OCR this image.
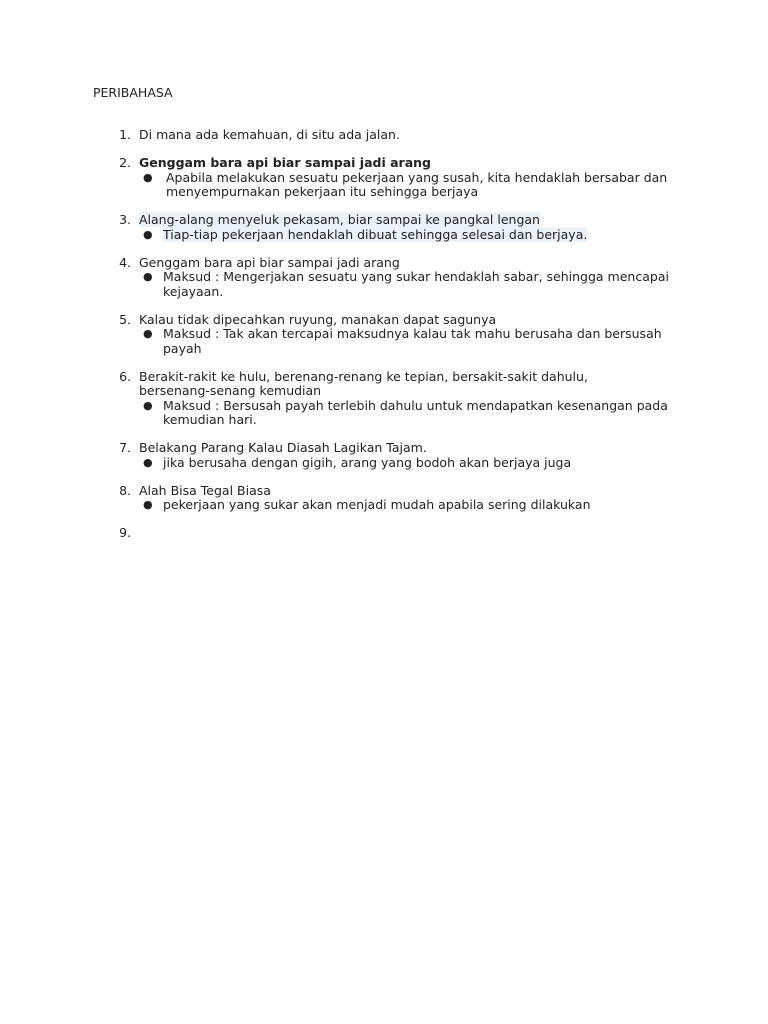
PERIBAHASA
1. Di mana ada kemahuan, di situ ada jalan.
2. Genggam bara api biar sampai jadi arang
● Apabila melakukan sesuatu pekerjaan yang susah, kita hendaklah bersabar dan menyempurnakan pekerjaan itu sehingga berjaya
3. Alang-alang menyeluk pekasam, biar sampai ke pangkal lengan
● Tiap-tiap pekerjaan hendaklah dibuat sehingga selesai dan berjaya.
4. Genggam bara api biar sampai jadi arang
● Maksud : Mengerjakan sesuatu yang sukar hendaklah sabar, sehingga mencapai kejayaan.
5. Kalau tidak dipecahkan ruyung, manakan dapat sagunya
● Maksud : Tak akan tercapai maksudnya kalau tak mahu berusaha dan bersusah payah
6. Berakit-rakit ke hulu, berenang-renang ke tepian, bersakit-sakit dahulu, bersenang-senang kemudian
● Maksud : Bersusah payah terlebih dahulu untuk mendapatkan kesenangan pada kemudian hari.
7. Belakang Parang Kalau Diasah Lagikan Tajam.
● jika berusaha dengan gigih, arang yang bodoh akan berjaya juga
8. Alah Bisa Tegal Biasa
● pekerjaan yang sukar akan menjadi mudah apabila sering dilakukan
9.
